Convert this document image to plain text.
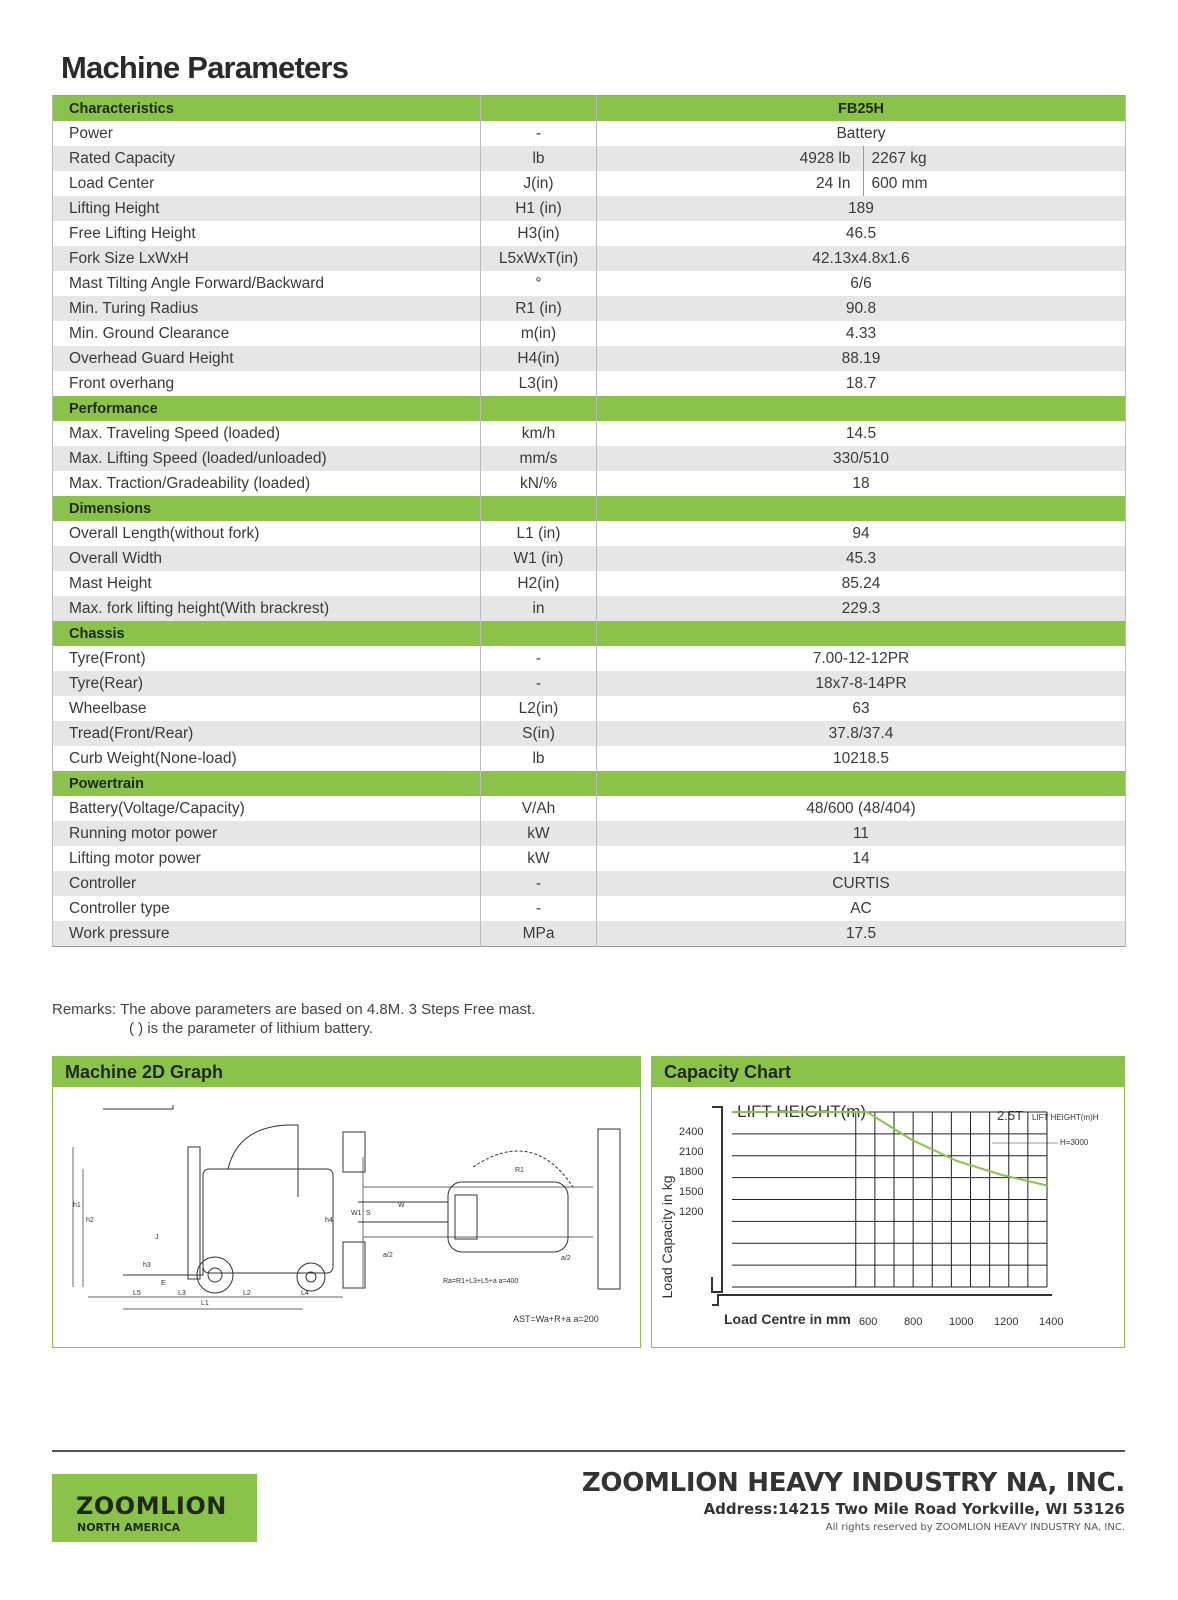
Machine Parameters
Characteristics		FB25H
Power	-	Battery
Rated Capacity	lb	4928 lb 2267 kg

Load Center	J(in)	24 In 600 mm

Lifting Height	H1 (in)	189
Free Lifting Height	H3(in)	46.5
Fork Size LxWxH	L5xWxT(in)	42.13x4.8x1.6
Mast Tilting Angle Forward/Backward	°	6/6
Min. Turing Radius	R1 (in)	90.8
Min. Ground Clearance	m(in)	4.33
Overhead Guard Height	H4(in)	88.19
Front overhang	L3(in)	18.7
Performance		
Max. Traveling Speed (loaded)	km/h	14.5
Max. Lifting Speed (loaded/unloaded)	mm/s	330/510
Max. Traction/Gradeability (loaded)	kN/%	18
Dimensions		
Overall Length(without fork)	L1 (in)	94
Overall Width	W1 (in)	45.3
Mast Height	H2(in)	85.24
Max. fork lifting height(With brackrest)	in	229.3
Chassis		
Tyre(Front)	-	7.00-12-12PR
Tyre(Rear)	-	18x7-8-14PR
Wheelbase	L2(in)	63
Tread(Front/Rear)	S(in)	37.8/37.4
Curb Weight(None-load)	lb	10218.5
Powertrain		
Battery(Voltage/Capacity)	V/Ah	48/600 (48/404)
Running motor power	kW	11
Lifting motor power	kW	14
Controller	-	CURTIS
Controller type	-	AC
Work pressure	MPa	17.5
Remarks: The above parameters are based on 4.8M. 3 Steps Free mast.
( ) is the parameter of lithium battery.
Machine 2D Graph
h1
h2
h3
h4
E
J
L5	L3
L1
L2	L4
W1 S
W
a/2	a/2
R1
Ra=R1+L3+L5+a a=400
AST=Wa+R+a a=200
Capacity Chart
LIFT HEIGHT(m)	2.5T LIFT HEIGHT(m)H
Load Capacity in kg
Load Centre in mm 600 800 1000 1200 1400
2400
2100
1800
1500
1200
H=3000
ZOOMLION
NORTH AMERICA
ZOOMLION HEAVY INDUSTRY NA, INC.
Address:14215 Two Mile Road Yorkville, WI 53126
All rights reserved by ZOOMLION HEAVY INDUSTRY NA, INC.
